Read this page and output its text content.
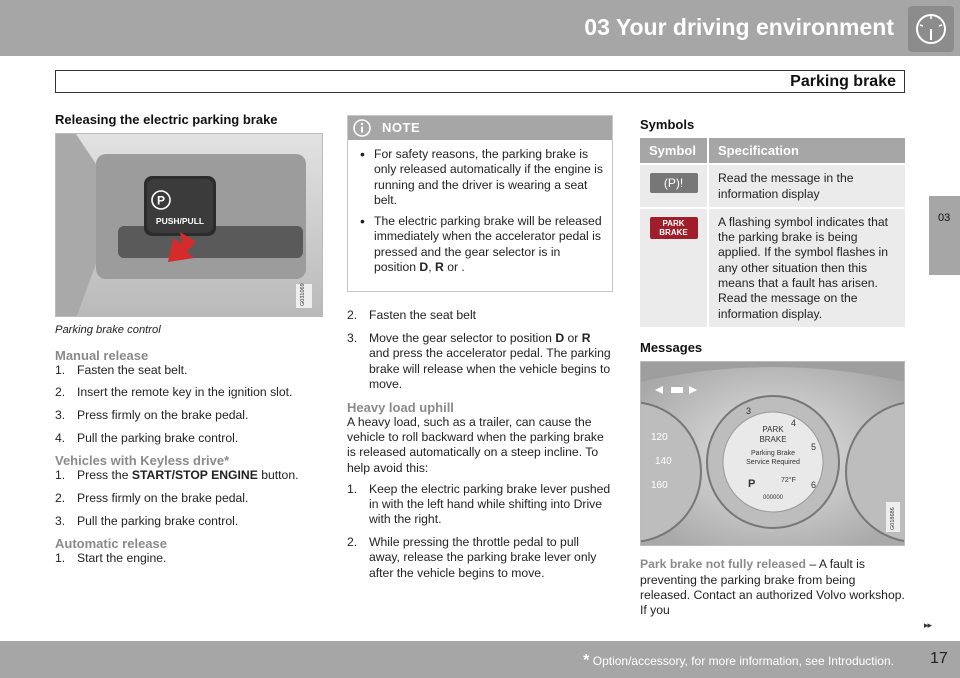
03 Your driving environment
Parking brake
03
Releasing the electric parking brake
P
PUSH/PULL
G031069
Parking brake control
Manual release
1. Fasten the seat belt.
2. Insert the remote key in the ignition slot.
3. Press firmly on the brake pedal.
4. Pull the parking brake control.
Vehicles with Keyless drive*
1. Press the START/STOP ENGINE button.
2. Press firmly on the brake pedal.
3. Pull the parking brake control.
Automatic release
1. Start the engine.
NOTE
• For safety reasons, the parking brake is only released automatically if the engine is running and the driver is wearing a seat belt.
• The electric parking brake will be released immediately when the accelerator pedal is pressed and the gear selector is in position D, R or .
2. Fasten the seat belt
3. Move the gear selector to position D or R and press the accelerator pedal. The parking brake will release when the vehicle begins to move.
Heavy load uphill
A heavy load, such as a trailer, can cause the vehicle to roll backward when the parking brake is released automatically on a steep incline. To help avoid this:
1. Keep the electric parking brake lever pushed in with the left hand while shifting into Drive with the right.
2. While pressing the throttle pedal to pull away, release the parking brake lever only after the vehicle begins to move.
Symbols
Symbol	Specification
(P)!	Read the message in the information display
PARK
BRAKE	A flashing symbol indicates that the parking brake is being applied. If the symbol flashes in any other situation then this means that a fault has arisen. Read the message on the information display.
Messages
120
140
160
4
5
6
3
PARK
BRAKE
Parking Brake
Service Required
P	72°F
000000
G018686
Park brake not fully released – A fault is preventing the parking brake from being released. Contact an authorized Volvo workshop. If you
▸▸
* Option/accessory, for more information, see Introduction. 17
